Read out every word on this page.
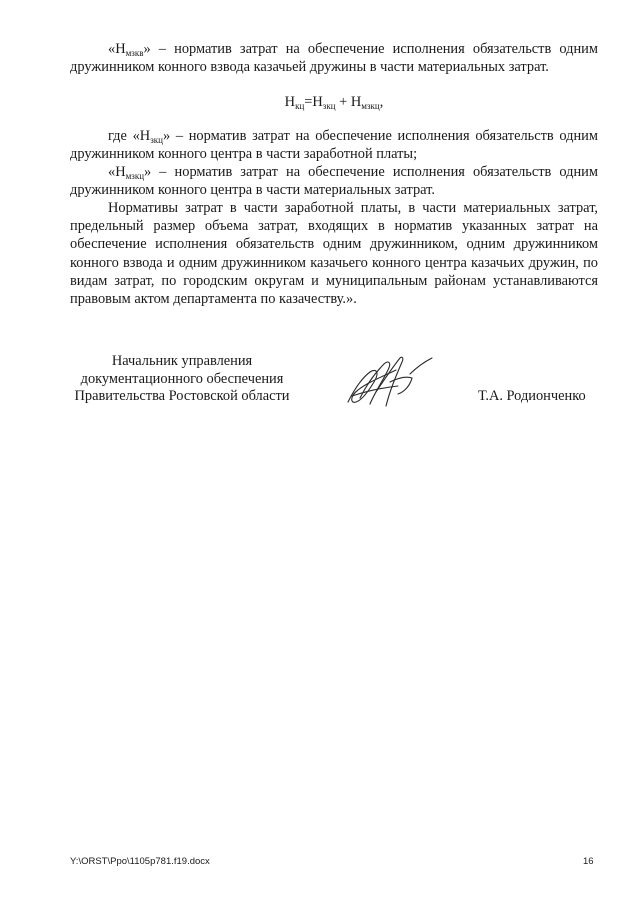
«$Н_{мзкв}$» – норматив затрат на обеспечение исполнения обязательств одним дружинником конного взвода казачьей дружины в части материальных затрат.

$Н_{кц}=Н_{зкц} + Н_{мзкц}$,

где «$Н_{зкц}$» – норматив затрат на обеспечение исполнения обязательств одним дружинником конного центра в части заработной платы;

«$Н_{мзкц}$» – норматив затрат на обеспечение исполнения обязательств одним дружинником конного центра в части материальных затрат.

Нормативы затрат в части заработной платы, в части материальных затрат, предельный размер объема затрат, входящих в норматив указанных затрат на обеспечение исполнения обязательств одним дружинником, одним дружинником конного взвода и одним дружинником казачьего конного центра казачьих дружин, по видам затрат, по городским округам и муниципальным районам устанавливаются правовым актом департамента по казачеству.».

Начальник управления
документационного обеспечения
Правительства Ростовской области	Т.А. Родионченко
Y:\ORST\Ppo\1105p781.f19.docx	16
